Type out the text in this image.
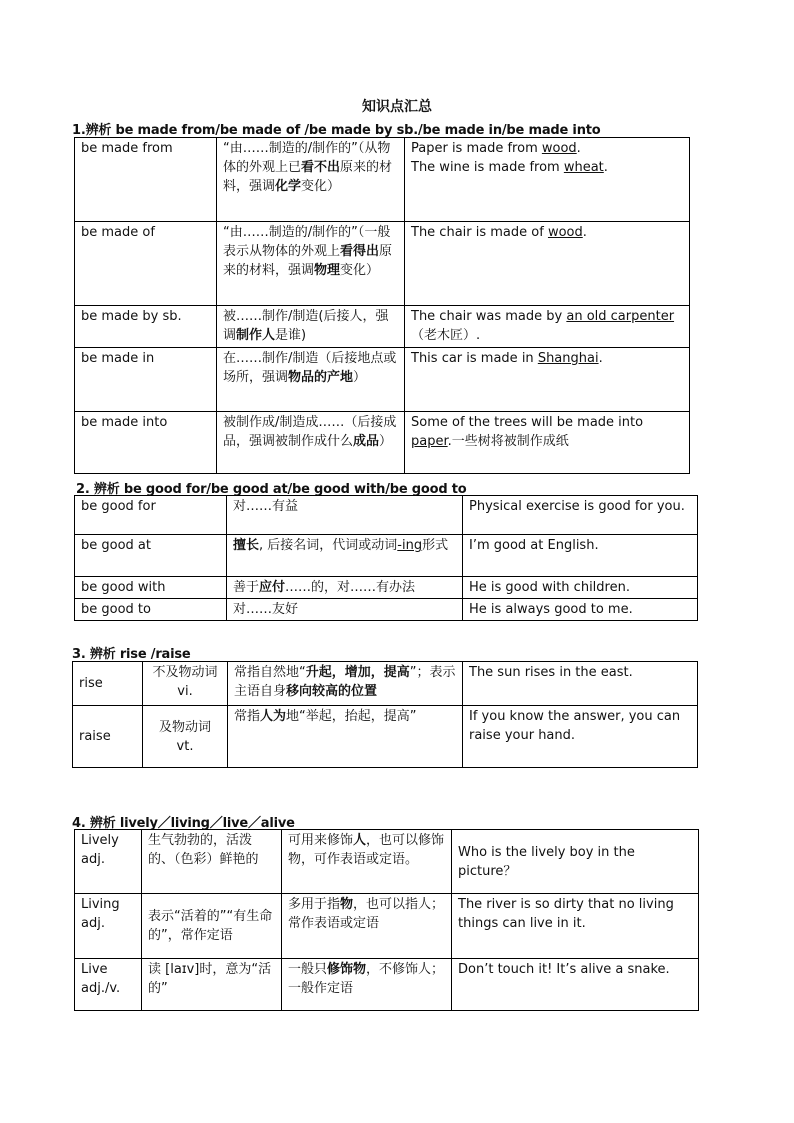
知识点汇总
1.辨析 be made from/be made of /be made by sb./be made in/be made into
be made from	“由……制造的/制作的”（从物体的外观上已看不出原来的材料，强调化学变化）	Paper is made from wood.
The wine is made from wheat.
be made of	“由……制造的/制作的”（一般表示从物体的外观上看得出原来的材料，强调物理变化）	The chair is made of wood.
be made by sb.	被……制作/制造(后接人，强调制作人是谁)	The chair was made by an old carpenter
（老木匠）.
be made in	在……制作/制造（后接地点或场所，强调物品的产地）	This car is made in Shanghai.
be made into	被制作成/制造成……（后接成品，强调被制作成什么成品）	Some of the trees will be made into paper.一些树将被制作成纸
2. 辨析 be good for/be good at/be good with/be good to
be good for	对……有益	Physical exercise is good for you.
be good at	擅长, 后接名词，代词或动词-ing形式	I’m good at English.
be good with	善于应付……的，对……有办法	He is good with children.
be good to	对……友好	He is always good to me.
3. 辨析 rise /raise
rise	不及物动词 vi.	常指自然地“升起，增加，提高”；表示主语自身移向较高的位置	The sun rises in the east.
raise	及物动词 vt.	常指人为地“举起，抬起，提高”	If you know the answer, you can raise your hand.
4. 辨析 lively／living／live／alive
Lively adj.	生气勃勃的，活泼的、（色彩）鲜艳的	可用来修饰人，也可以修饰物，可作表语或定语。	Who is the lively boy in the picture？
Living adj.	表示“活着的”“有生命的”，常作定语	多用于指物，也可以指人；常作表语或定语	The river is so dirty that no living things can live in it.
Live adj./v.	读 [laɪv]时，意为“活的”	一般只修饰物，不修饰人；一般作定语	Don’t touch it! It’s alive a snake.
